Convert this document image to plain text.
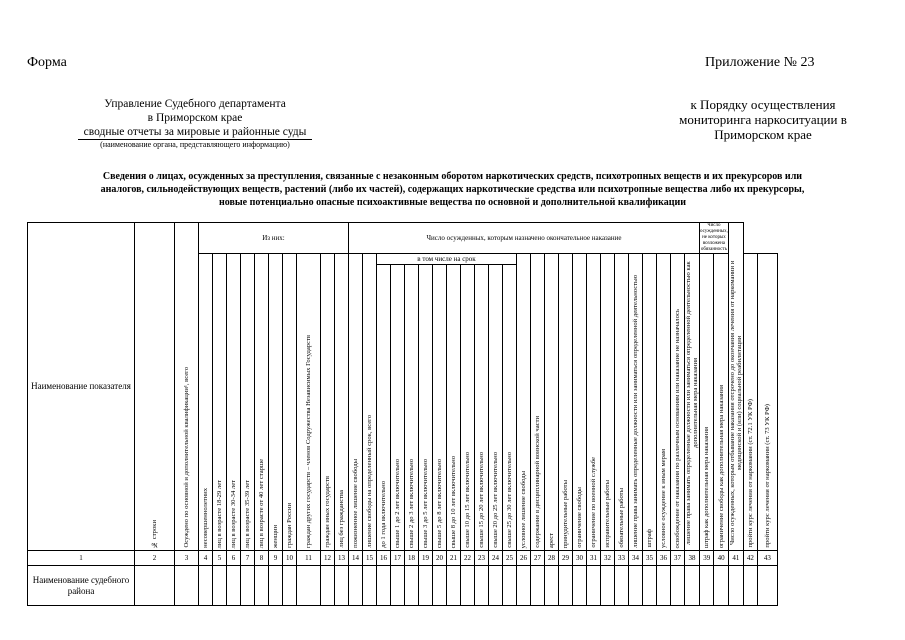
Форма	Приложение № 23
Управление Судебного департамента
в Приморском крае
сводные отчеты за мировые и районные суды
(наименование органа, представляющего информацию)
к Порядку осуществления
мониторинга наркоситуации в
Приморском крае
Сведения о лицах, осужденных за преступления, связанные с незаконным оборотом наркотических средств, психотропных веществ и их прекурсоров или
аналогов, сильнодействующих веществ, растений (либо их частей), содержащих наркотические средства или психотропные вещества либо их прекурсоры,
новые потенциально опасные психоактивные вещества по основной и дополнительной квалификации
Наименование показателя	№ строки	Осуждено по основной и дополнительной квалификации¹, всего	Из них:										Число осужденных, которым назначено окончательное наказание																									Число осужденных, не которых возложена обязанность		Число осужденных, которым отбывание наказания отсрочено до окончания лечения от наркомании и медицинской и (или) социальной реабилитации		
			несовершеннолетних	лиц в возрасте 18-29 лет	лиц в возрасте 30-34 лет	лиц в возрасте 35-39 лет	лиц в возрасте от 40 лет старше	женщин	граждан России	граждан других государств – членов Содружества Независимых Государств	граждан иных государств	лиц без гражданства	пожизненное лишение свободы	лишение свободы на определенный срок, всего	в том числе на срок										условное лишение свободы	содержание в дисциплинарной воинской части	арест	принудительные работы	ограничение свободы	ограничение по военной службе	исправительные работы	обязательные работы	лишение права занимать определенные должности или заниматься определенной деятельностью	штраф	условное осуждение к иным мерам	освобождение от наказания по различным основаниям или наказание не назначалось	лишение права занимать определенные должности или заниматься определенной деятельностью как дополнительная мера наказания	штраф как дополнительная мера наказания	ограничение свободы как дополнительная мера наказания		пройти курс лечения от наркомании (ст. 72.1 УК РФ)	пройти курс лечения от наркомании (ст. 73 УК РФ)
															до 1 года включительно	свыше 1 до 2 лет включительно	свыше 2 до 3 лет включительно	свыше 3 до 5 лет включительно	свыше 5 до 8 лет включительно	свыше 8 до 10 лет включительно	свыше 10 до 15 лет включительно	свыше 15 до 20 лет включительно	свыше 20 до 25 лет включительно	свыше 25 до 30 лет включительно																		
1	2	3	4	5	6	7	8	9	10	11	12	13	14	15	16	17	18	19	20	21	22	23	24	25	26	27	28	29	30	31	32	33	34	35	36	37	38	39	40	41	42	43
Наименование судебного района																																										
